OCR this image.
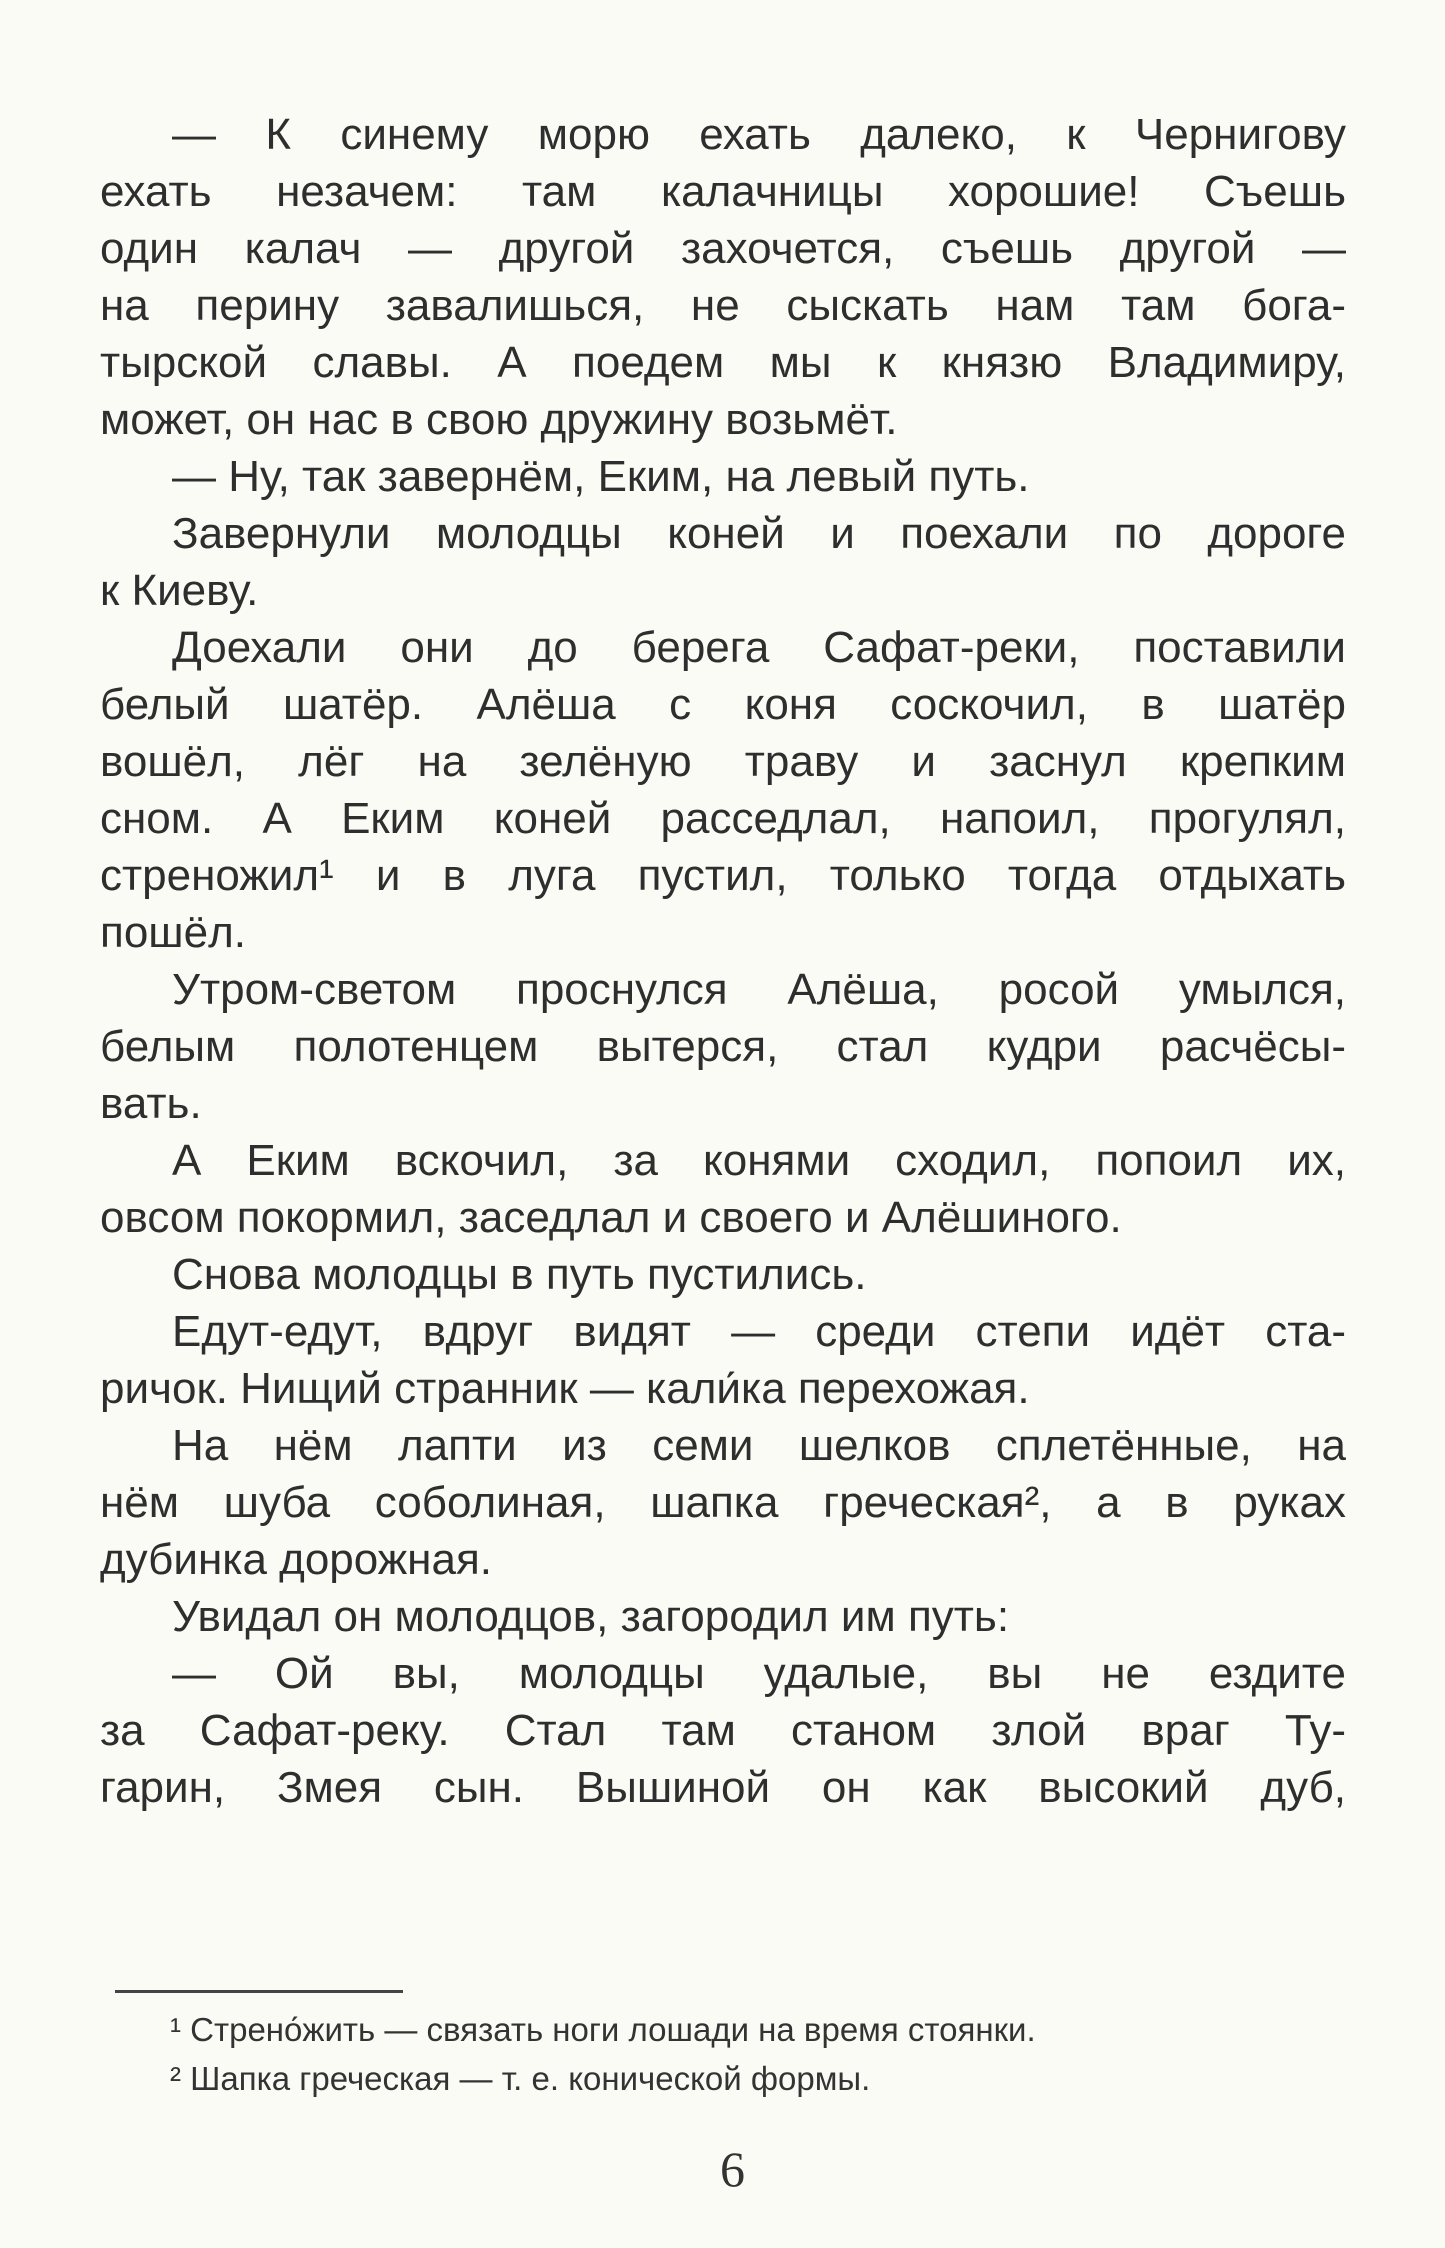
— К синему морю ехать далеко, к Чернигову
ехать незачем: там калачницы хорошие! Съешь
один калач — другой захочется, съешь другой —
на перину завалишься, не сыскать нам там бога-
тырской славы. А поедем мы к князю Владимиру,
может, он нас в свою дружину возьмёт.
— Ну, так завернём, Еким, на левый путь.
Завернули молодцы коней и поехали по дороге
к Киеву.
Доехали они до берега Сафат-реки, поставили
белый шатёр. Алёша с коня соскочил, в шатёр
вошёл, лёг на зелёную траву и заснул крепким
сном. А Еким коней расседлал, напоил, прогулял,
стреножил¹ и в луга пустил, только тогда отдыхать
пошёл.
Утром-светом проснулся Алёша, росой умылся,
белым полотенцем вытерся, стал кудри расчёсы-
вать.
А Еким вскочил, за конями сходил, попоил их,
овсом покормил, заседлал и своего и Алёшиного.
Снова молодцы в путь пустились.
Едут-едут, вдруг видят — среди степи идёт ста-
ричок. Нищий странник — кали́ка перехожая.
На нём лапти из семи шелков сплетённые, на
нём шуба соболиная, шапка греческая², а в руках
дубинка дорожная.
Увидал он молодцов, загородил им путь:
— Ой вы, молодцы удалые, вы не ездите
за Сафат-реку. Стал там станом злой враг Ту-
гарин, Змея сын. Вышиной он как высокий дуб,
¹ Стрено́жить — связать ноги лошади на время стоянки.
² Шапка греческая — т. е. конической формы.
6
